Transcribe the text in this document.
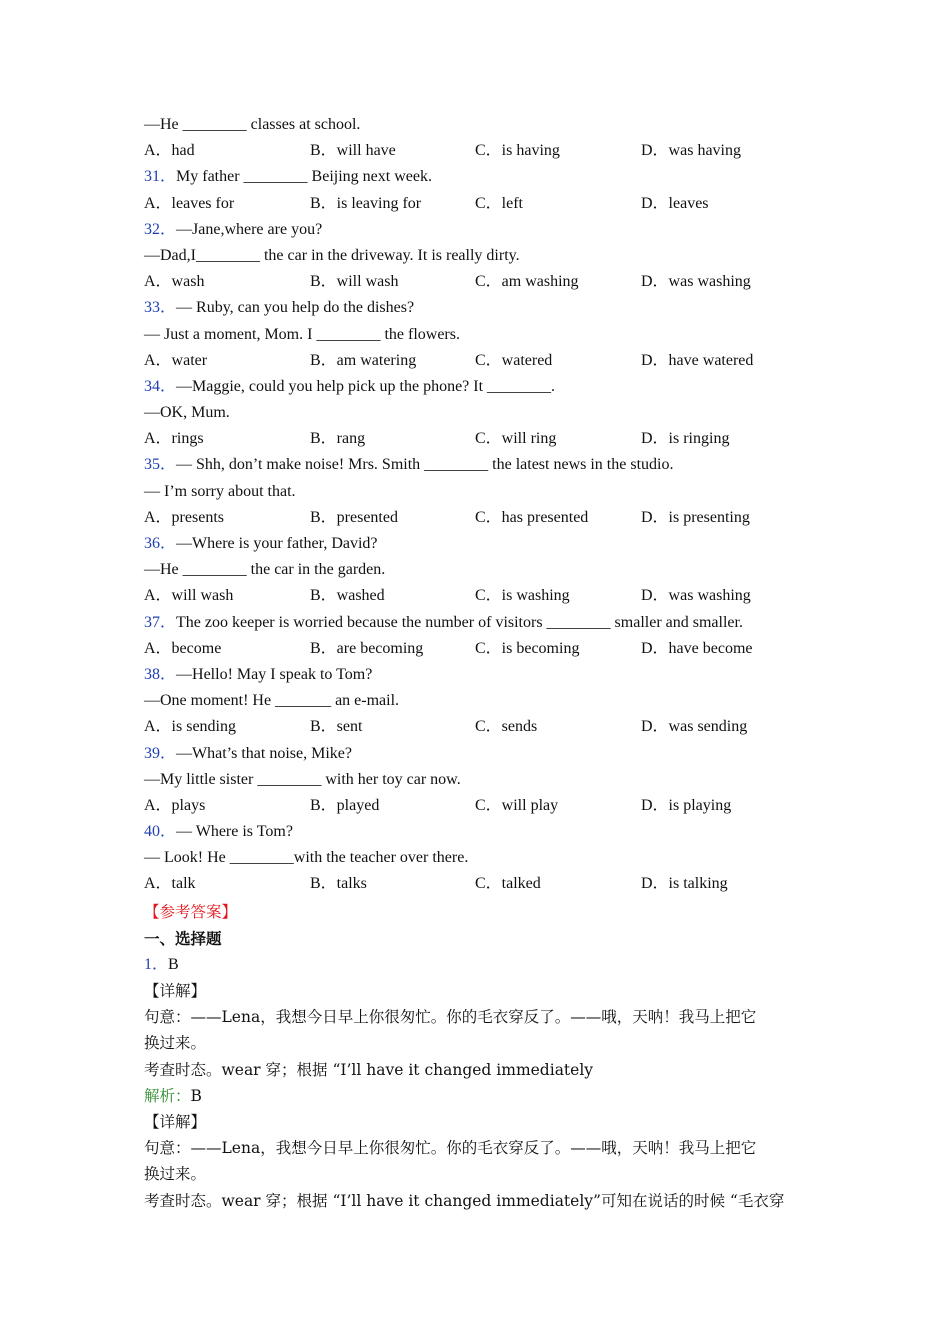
—He ________ classes at school.
A．had	B．will have	C．is having	D．was having
31．My father ________ Beijing next week.
A．leaves for	B．is leaving for	C．left	D．leaves
32．—Jane,where are you?
—Dad,I________ the car in the driveway. It is really dirty.
A．wash	B．will wash	C．am washing	D．was washing
33．— Ruby, can you help do the dishes?
— Just a moment, Mom. I ________ the flowers.
A．water	B．am watering	C．watered	D．have watered
34．—Maggie, could you help pick up the phone? It ________.
—OK, Mum.
A．rings	B．rang	C．will ring	D．is ringing
35．— Shh, don’t make noise! Mrs. Smith ________ the latest news in the studio.
— I’m sorry about that.
A．presents	B．presented	C．has presented	D．is presenting
36．—Where is your father, David?
—He ________ the car in the garden.
A．will wash	B．washed	C．is washing	D．was washing
37．The zoo keeper is worried because the number of visitors ________ smaller and smaller.
A．become	B．are becoming	C．is becoming	D．have become
38．—Hello! May I speak to Tom?
—One moment! He _______ an e-mail.
A．is sending	B．sent	C．sends	D．was sending
39．—What’s that noise, Mike?
—My little sister ________ with her toy car now.
A．plays	B．played	C．will play	D．is playing
40．— Where is Tom?
— Look! He ________with the teacher over there.
A．talk	B．talks	C．talked	D．is talking
【参考答案】
一、选择题
1．B
【详解】
句意：——Lena，我想今日早上你很匆忙。你的毛衣穿反了。——哦，天呐！我马上把它
换过来。
考查时态。wear 穿；根据 “I’ll have it changed immediately
解析：B
【详解】
句意：——Lena，我想今日早上你很匆忙。你的毛衣穿反了。——哦，天呐！我马上把它
换过来。
考查时态。wear 穿；根据 “I’ll have it changed immediately”可知在说话的时候 “毛衣穿
